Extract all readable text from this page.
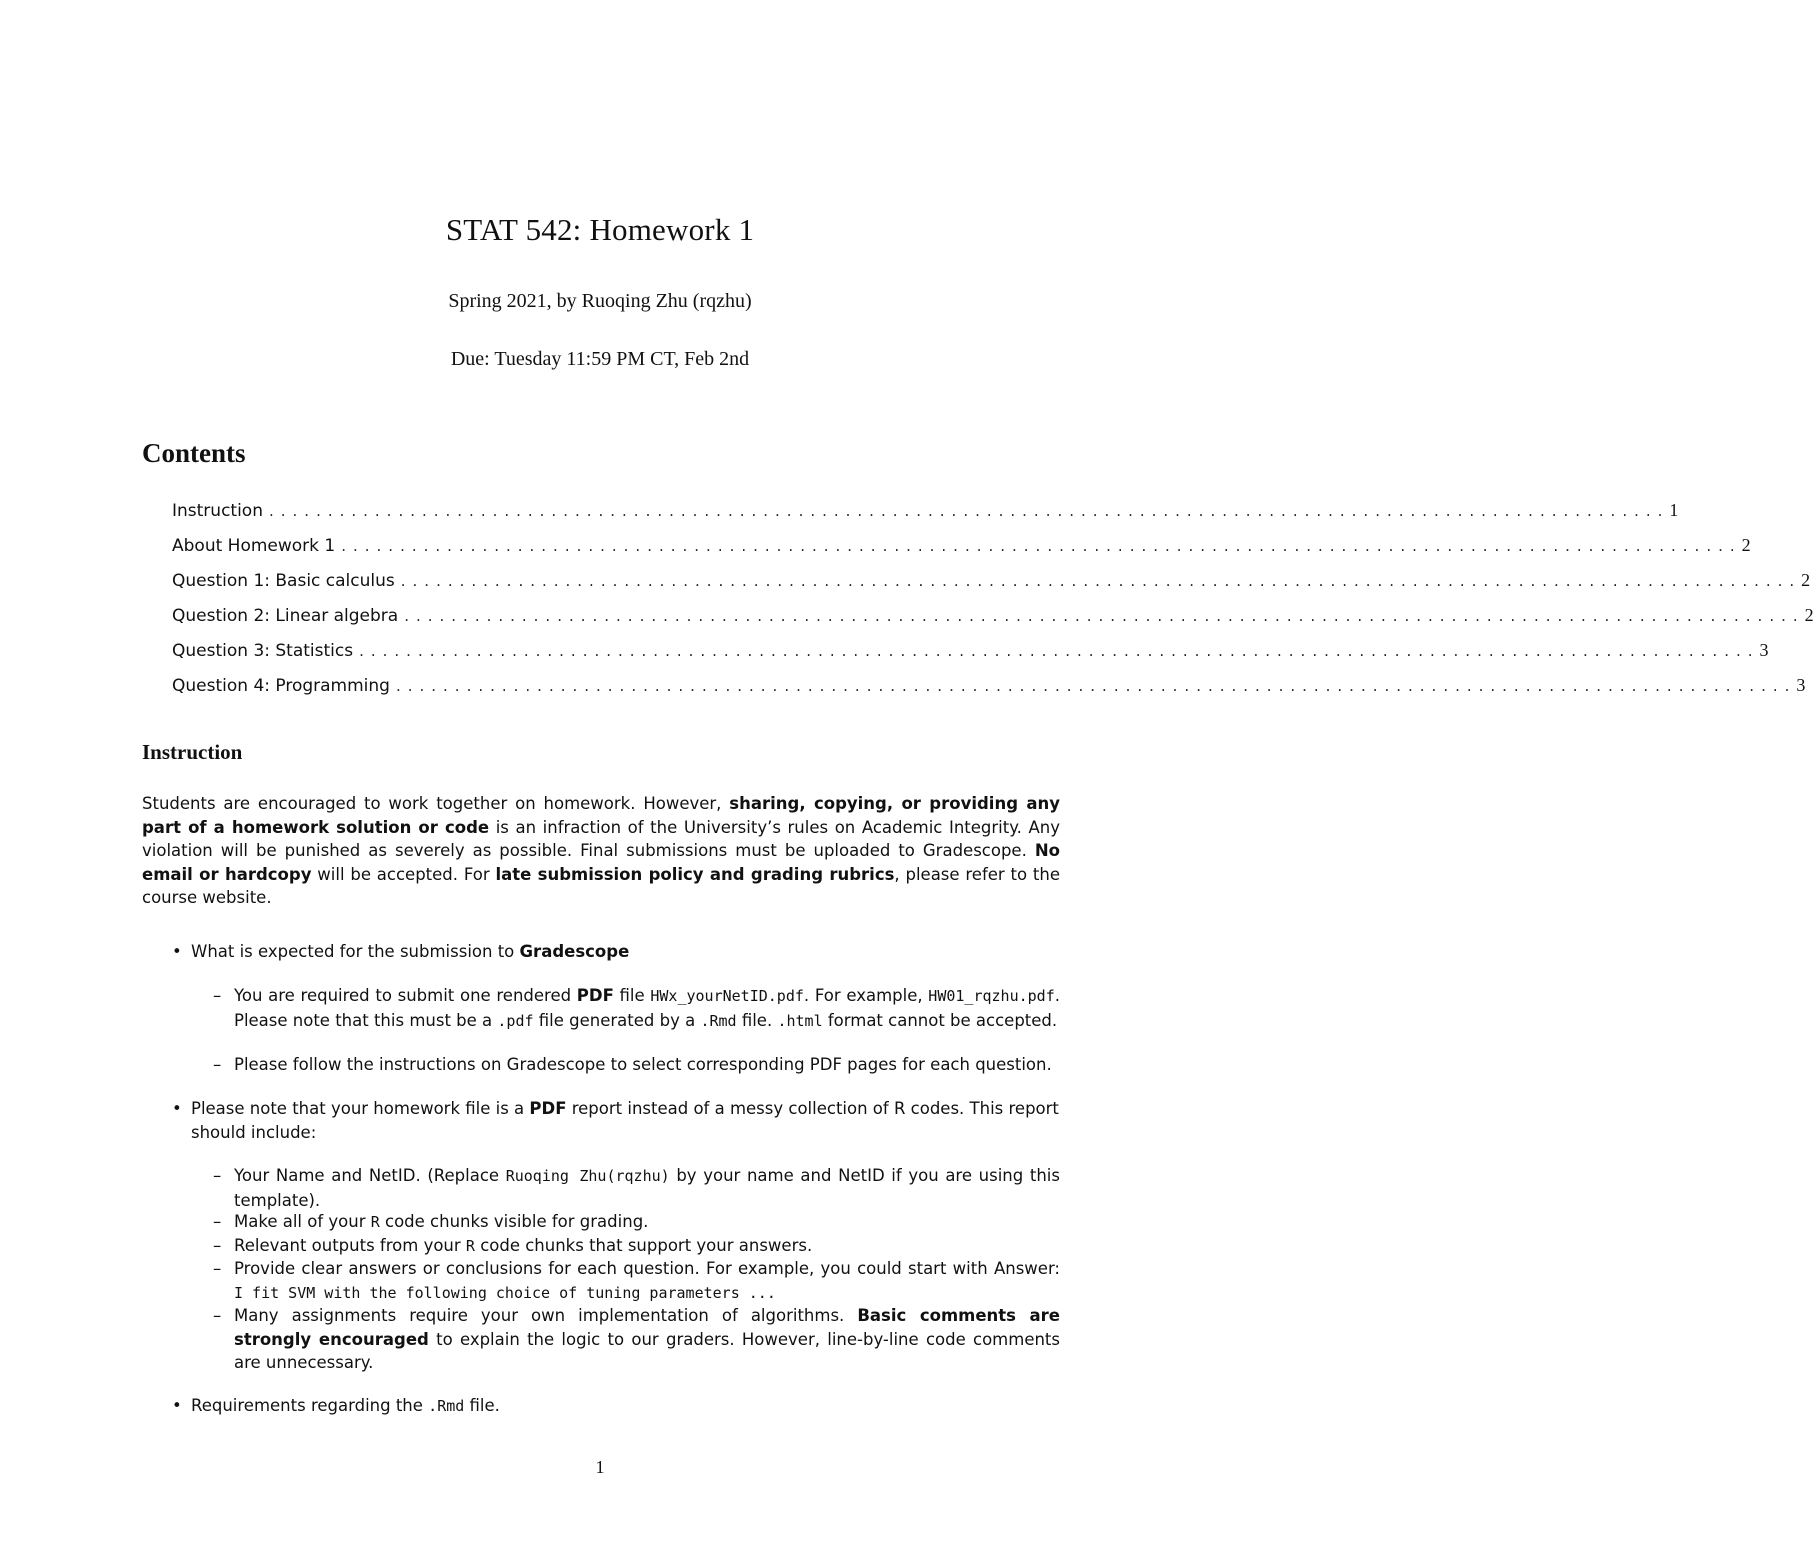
STAT 542: Homework 1
Spring 2021, by Ruoqing Zhu (rqzhu)
Due: Tuesday 11:59 PM CT, Feb 2nd
Contents
Instruction ....................................................................................................................... 1
About Homework 1 ....................................................................................................................... 2
Question 1: Basic calculus ....................................................................................................................... 2
Question 2: Linear algebra ....................................................................................................................... 2
Question 3: Statistics ....................................................................................................................... 3
Question 4: Programming ....................................................................................................................... 3
Instruction
Students are encouraged to work together on homework. However, sharing, copying, or providing any part of a homework solution or code is an infraction of the University’s rules on Academic Integrity. Any violation will be punished as severely as possible. Final submissions must be uploaded to Gradescope. No email or hardcopy will be accepted. For late submission policy and grading rubrics, please refer to the course website.
• What is expected for the submission to Gradescope
– You are required to submit one rendered PDF file HWx_yourNetID.pdf. For example, HW01_rqzhu.pdf. Please note that this must be a .pdf file generated by a .Rmd file. .html format cannot be accepted.
– Please follow the instructions on Gradescope to select corresponding PDF pages for each question.
• Please note that your homework file is a PDF report instead of a messy collection of R codes. This report should include:
– Your Name and NetID. (Replace Ruoqing Zhu(rqzhu) by your name and NetID if you are using this template).
– Make all of your R code chunks visible for grading.
– Relevant outputs from your R code chunks that support your answers.
– Provide clear answers or conclusions for each question. For example, you could start with Answer: I fit SVM with the following choice of tuning parameters ...
– Many assignments require your own implementation of algorithms. Basic comments are strongly encouraged to explain the logic to our graders. However, line-by-line code comments are unnecessary.
• Requirements regarding the .Rmd file.
1
